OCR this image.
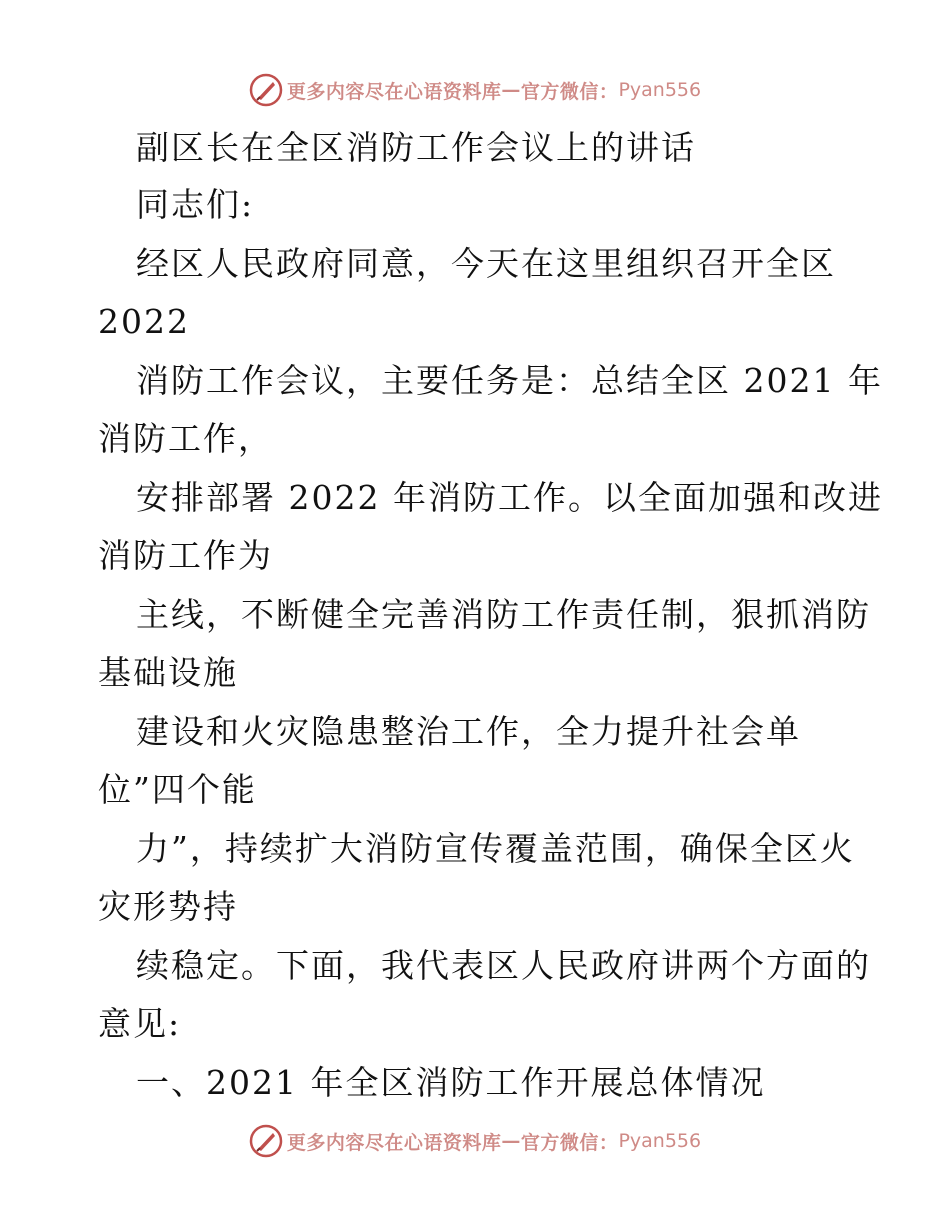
更多内容尽在心语资料库 — 官方微信： Pyan556
副区长在全区消防工作会议上的讲话
同志们:
经区人民政府同意，今天在这里组织召开全区
2022
消防工作会议，主要任务是：总结全区 2021 年
消防工作，
安排部署 2022 年消防工作。以全面加强和改进
消防工作为
主线，不断健全完善消防工作责任制，狠抓消防
基础设施
建设和火灾隐患整治工作，全力提升社会单
位”四个能
力”，持续扩大消防宣传覆盖范围，确保全区火
灾形势持
续稳定。下面，我代表区人民政府讲两个方面的
意见:
一、2021 年全区消防工作开展总体情况
更多内容尽在心语资料库 — 官方微信： Pyan556
